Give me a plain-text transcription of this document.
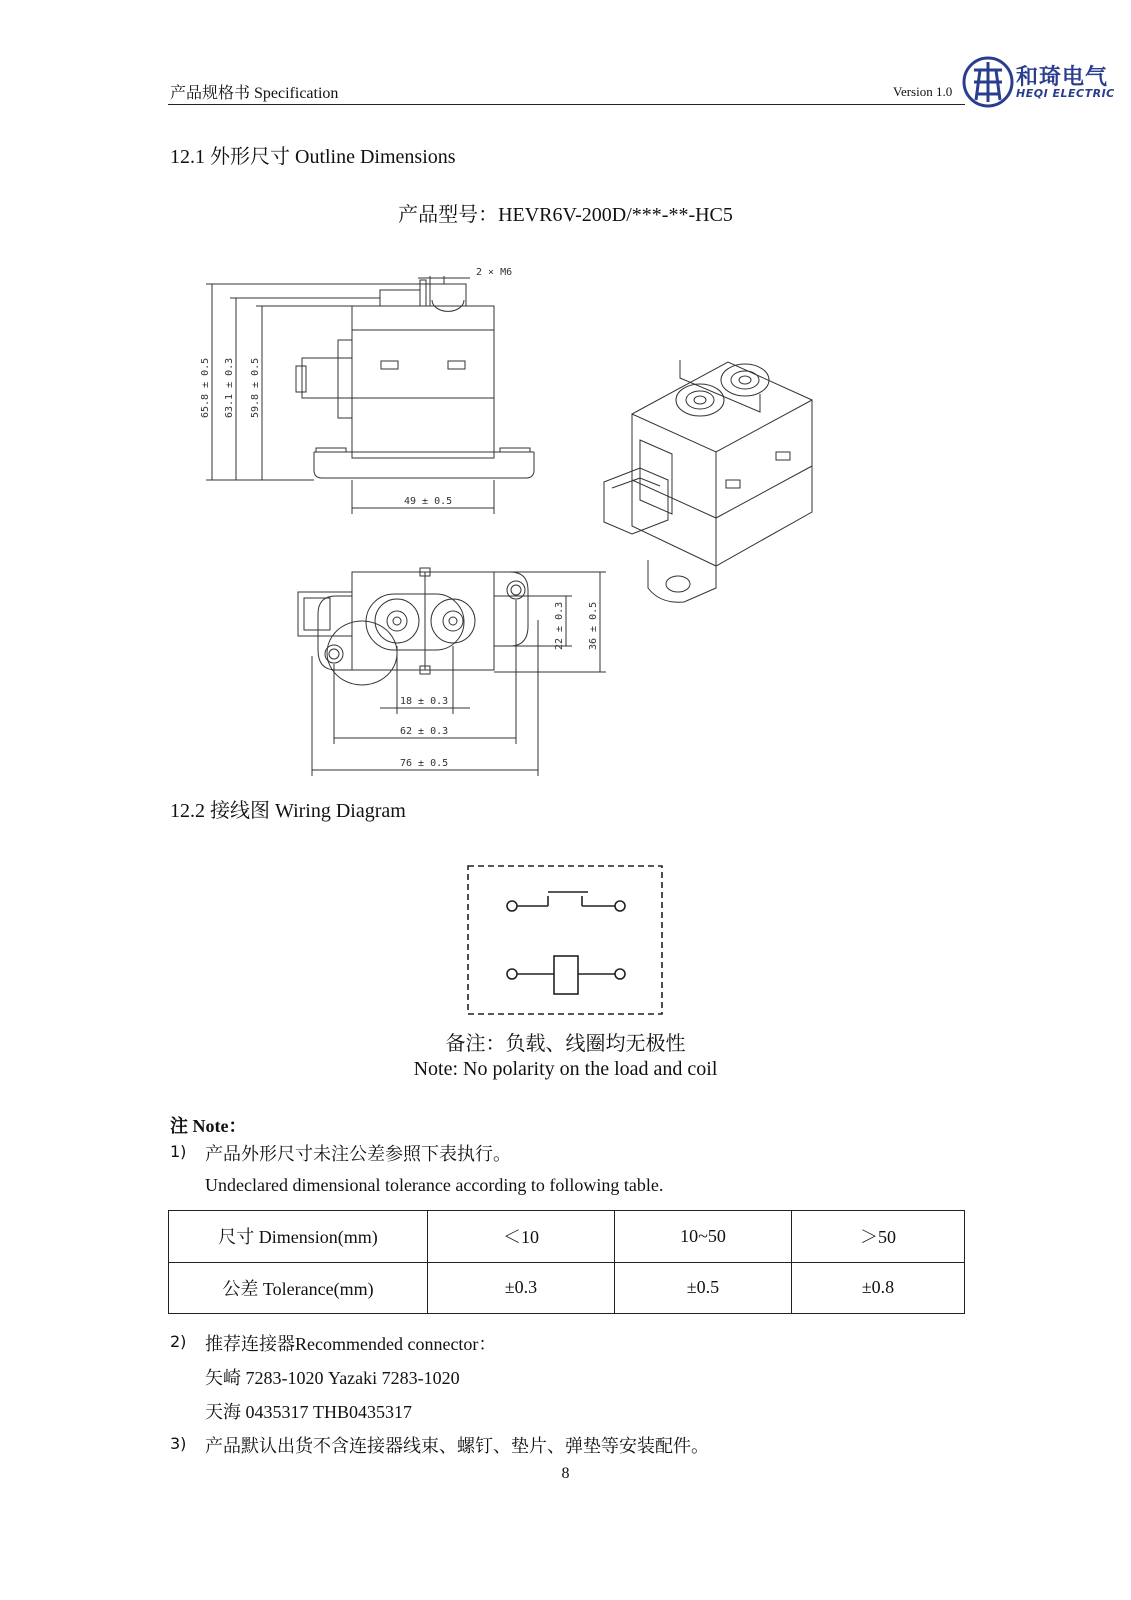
产品规格书 Specification	Version 1.0
和琦电气
HEQI ELECTRIC
12.1 外形尺寸 Outline Dimensions
产品型号：HEVR6V-200D/***-**-HC5
65.8 ± 0.5 63.1 ± 0.3 59.8 ± 0.5
49 ± 0.5
2 × M6
22 ± 0.3 36 ± 0.5
18 ± 0.3
62 ± 0.3
76 ± 0.5
12.2 接线图 Wiring Diagram
备注：负载、线圈均无极性
Note: No polarity on the load and coil
注 Note：
1) 产品外形尺寸未注公差参照下表执行。
Undeclared dimensional tolerance according to following table.
尺寸 Dimension(mm)	＜10	10~50	＞50
公差 Tolerance(mm)	±0.3	±0.5	±0.8
2) 推荐连接器Recommended connector：
矢崎 7283-1020 Yazaki 7283-1020
天海 0435317 THB0435317
3) 产品默认出货不含连接器线束、螺钉、垫片、弹垫等安装配件。
8
